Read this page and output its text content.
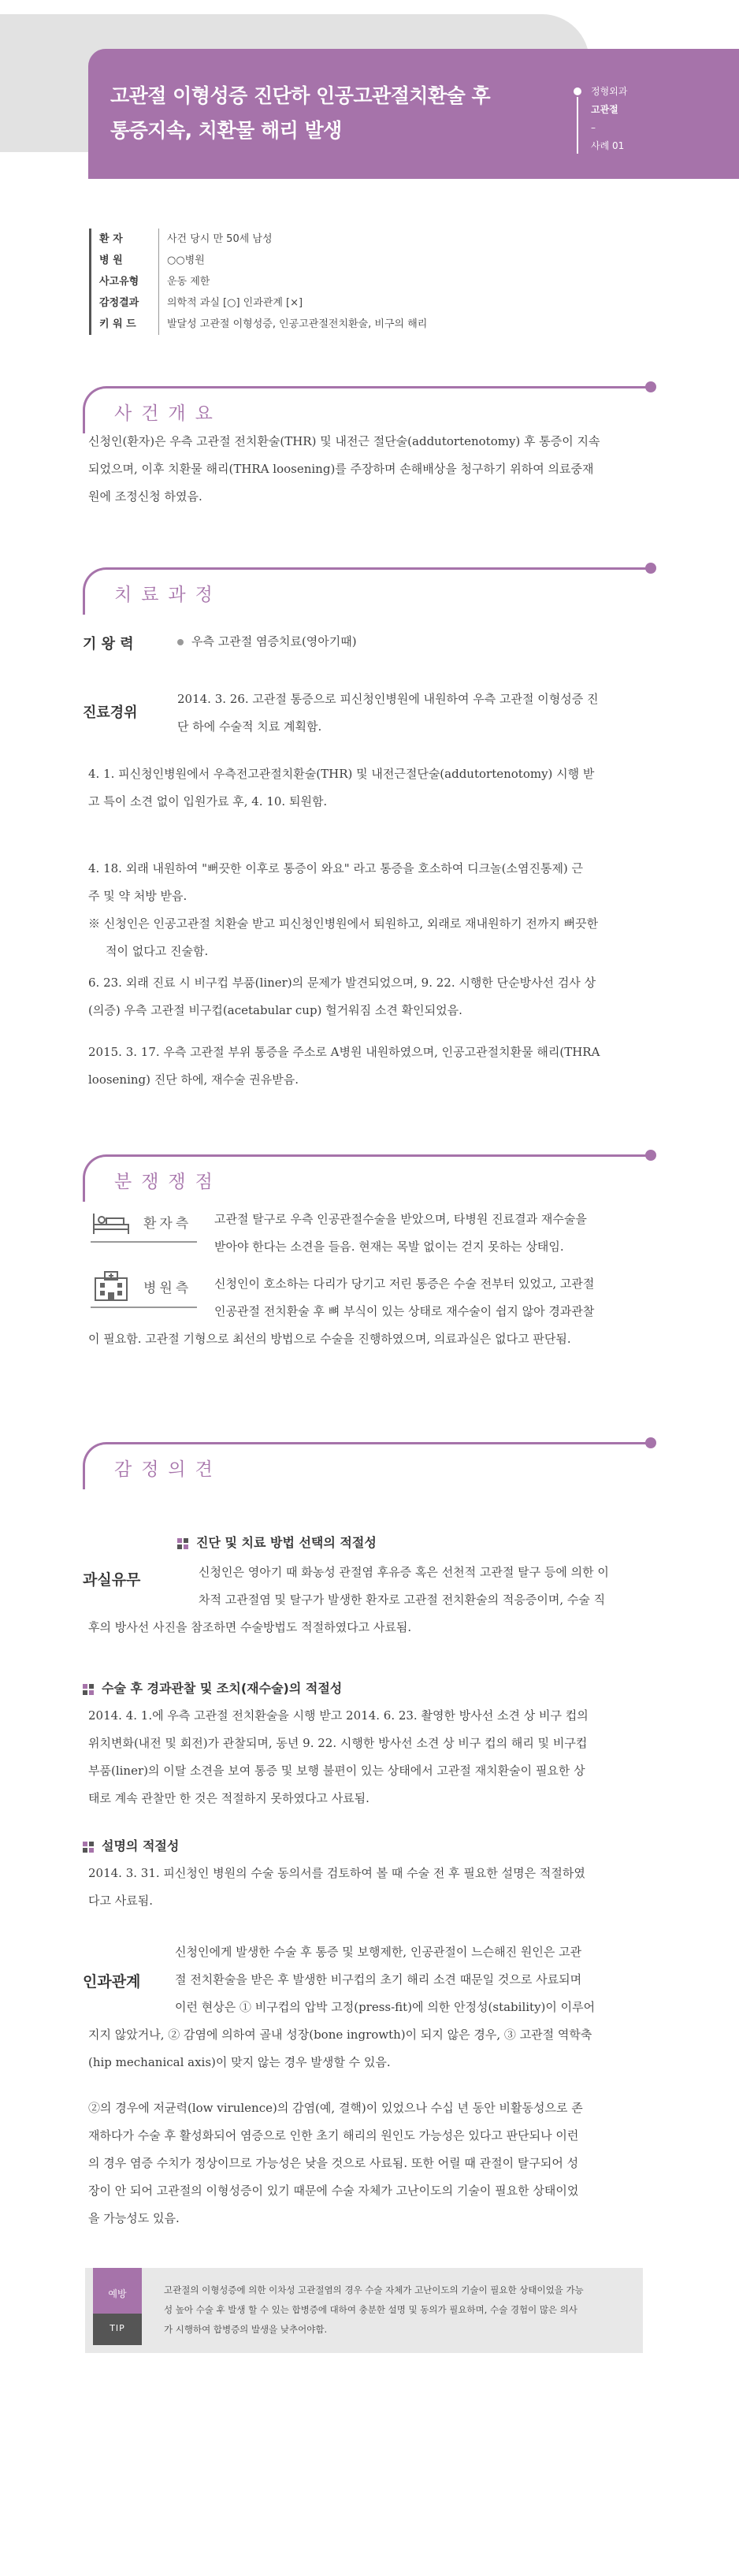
고관절 이형성증 진단하 인공고관절치환술 후
통증지속, 치환물 해리 발생
정형외과
고관절
–
사례 01
환 자	사건 당시 만 50세 남성
병 원	○○병원
사고유형	운동 제한
감정결과	의학적 과실 [○] 인과관계 [×]
키 워 드	발달성 고관절 이형성증, 인공고관절전치환술, 비구의 해리
사건개요
신청인(환자)은 우측 고관절 전치환술(THR) 및 내전근 절단술(addutortenotomy) 후 통증이 지속
되었으며, 이후 치환물 해리(THRA loosening)를 주장하며 손해배상을 청구하기 위하여 의료중재
원에 조정신청 하였음.
치료과정
기 왕 력	우측 고관절 염증치료(영아기때)
진료경위
2014. 3. 26. 고관절 통증으로 피신청인병원에 내원하여 우측 고관절 이형성증 진
단 하에 수술적 치료 계획함.
4. 1. 피신청인병원에서 우측전고관절치환술(THR) 및 내전근절단술(addutortenotomy) 시행 받
고 특이 소견 없이 입원가료 후, 4. 10. 퇴원함.
4. 18. 외래 내원하여 "뻐끗한 이후로 통증이 와요" 라고 통증을 호소하여 디크놀(소염진통제) 근
주 및 약 처방 받음.
※ 신청인은 인공고관절 치환술 받고 피신청인병원에서 퇴원하고, 외래로 재내원하기 전까지 뻐끗한
적이 없다고 진술함.
6. 23. 외래 진료 시 비구컵 부품(liner)의 문제가 발견되었으며, 9. 22. 시행한 단순방사선 검사 상
(의증) 우측 고관절 비구컵(acetabular cup) 헐거워짐 소견 확인되었음.
2015. 3. 17. 우측 고관절 부위 통증을 주소로 A병원 내원하였으며, 인공고관절치환물 해리(THRA
loosening) 진단 하에, 재수술 권유받음.
분쟁쟁점
환자측 고관절 탈구로 우측 인공관절수술을 받았으며, 타병원 진료결과 재수술을
받아야 한다는 소견을 들음. 현재는 목발 없이는 걷지 못하는 상태임.
병원측	신청인이 호소하는 다리가 당기고 저린 통증은 수술 전부터 있었고, 고관절
인공관절 전치환술 후 뼈 부식이 있는 상태로 재수술이 쉽지 않아 경과관찰
이 필요함. 고관절 기형으로 최선의 방법으로 수술을 진행하였으며, 의료과실은 없다고 판단됨.
감정의견
과실유무
진단 및 치료 방법 선택의 적절성
신청인은 영아기 때 화농성 관절염 후유증 혹은 선천적 고관절 탈구 등에 의한 이
차적 고관절염 및 탈구가 발생한 환자로 고관절 전치환술의 적응증이며, 수술 직
후의 방사선 사진을 참조하면 수술방법도 적절하였다고 사료됨.
수술 후 경과관찰 및 조치(재수술)의 적절성
2014. 4. 1.에 우측 고관절 전치환술을 시행 받고 2014. 6. 23. 촬영한 방사선 소견 상 비구 컵의
위치변화(내전 및 회전)가 관찰되며, 동년 9. 22. 시행한 방사선 소견 상 비구 컵의 해리 및 비구컵
부품(liner)의 이탈 소견을 보여 통증 및 보행 불편이 있는 상태에서 고관절 재치환술이 필요한 상
태로 계속 관찰만 한 것은 적절하지 못하였다고 사료됨.
설명의 적절성
2014. 3. 31. 피신청인 병원의 수술 동의서를 검토하여 볼 때 수술 전 후 필요한 설명은 적절하였
다고 사료됨.
인과관계
신청인에게 발생한 수술 후 통증 및 보행제한, 인공관절이 느슨해진 원인은 고관
절 전치환술을 받은 후 발생한 비구컵의 초기 해리 소견 때문일 것으로 사료되며
이런 현상은 ① 비구컵의 압박 고정(press-fit)에 의한 안정성(stability)이 이루어
지지 않았거나, ② 감염에 의하여 골내 성장(bone ingrowth)이 되지 않은 경우, ③ 고관절 역학축
(hip mechanical axis)이 맞지 않는 경우 발생할 수 있음.
②의 경우에 저균력(low virulence)의 감염(예, 결핵)이 있었으나 수십 년 동안 비활동성으로 존
재하다가 수술 후 활성화되어 염증으로 인한 초기 해리의 원인도 가능성은 있다고 판단되나 이런
의 경우 염증 수치가 정상이므로 가능성은 낮을 것으로 사료됨. 또한 어릴 때 관절이 탈구되어 성
장이 안 되어 고관절의 이형성증이 있기 때문에 수술 자체가 고난이도의 기술이 필요한 상태이었
을 가능성도 있음.
예방
TIP
고관절의 이형성증에 의한 이차성 고관절염의 경우 수술 자체가 고난이도의 기술이 필요한 상태이었을 가능
성 높아 수술 후 발생 할 수 있는 합병증에 대하여 충분한 설명 및 동의가 필요하며, 수술 경험이 많은 의사
가 시행하여 합병증의 발생을 낮추어야함.
